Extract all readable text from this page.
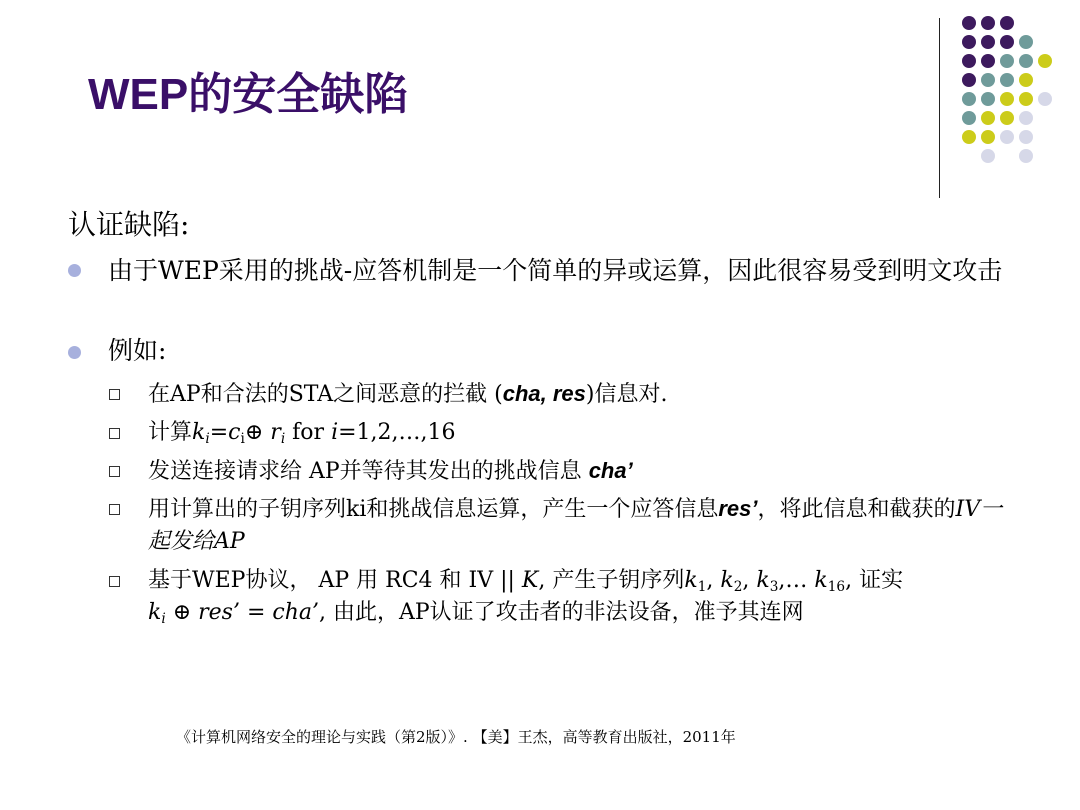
WEP的安全缺陷
认证缺陷:
由于WEP采用的挑战-应答机制是一个简单的异或运算，因此很容易受到明文攻击
例如:
在AP和合法的STA之间恶意的拦截 (cha, res)信息对.
计算$k_i=c_i\oplus$ $r_i$ for i=1,2,…,16
发送连接请求给 AP并等待其发出的挑战信息 cha’
用计算出的子钥序列ki和挑战信息运算，产生一个应答信息res’，将此信息和截获的IV一起发给AP
基于WEP协议， AP 用 RC4 和 IV || K, 产生子钥序列$k_1$, $k_2$, $k_3,\dots$ $k_{16}$, 证实
$k_i$ ⊕ res’ = cha’, 由此，AP认证了攻击者的非法设备，准予其连网
《计算机网络安全的理论与实践（第2版）》. 【美】王杰，高等教育出版社，2011年
